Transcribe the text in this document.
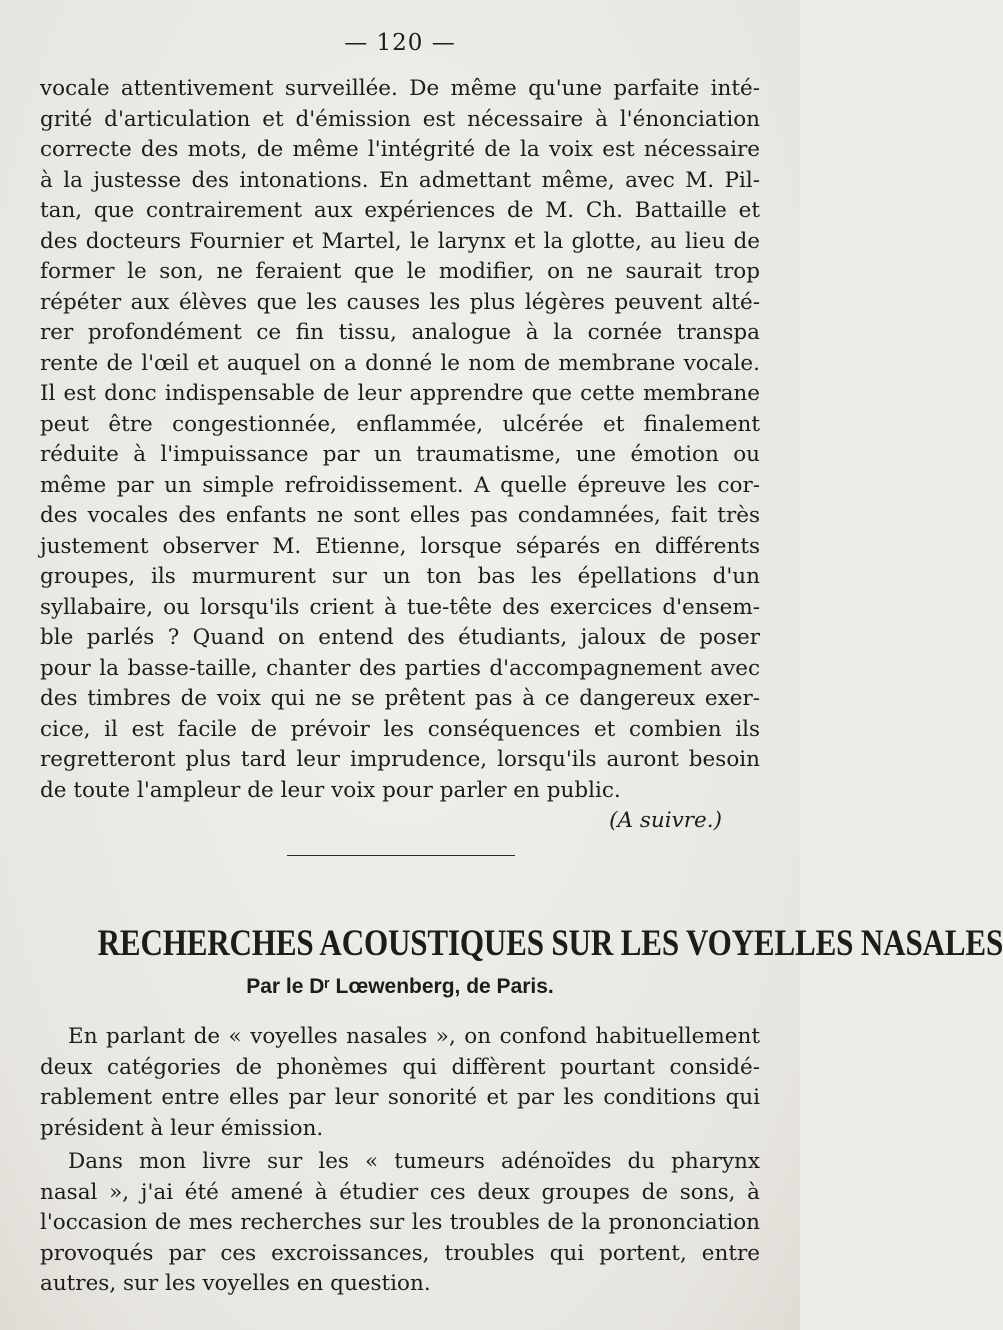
— 120 —
vocale attentivement surveillée. De même qu'une parfaite inté-
grité d'articulation et d'émission est nécessaire à l'énonciation
correcte des mots, de même l'intégrité de la voix est nécessaire
à la justesse des intonations. En admettant même, avec M. Pil-
tan, que contrairement aux expériences de M. Ch. Battaille et
des docteurs Fournier et Martel, le larynx et la glotte, au lieu de
former le son, ne feraient que le modifier, on ne saurait trop
répéter aux élèves que les causes les plus légères peuvent alté-
rer profondément ce fin tissu, analogue à la cornée transpa
rente de l'œil et auquel on a donné le nom de membrane vocale.
Il est donc indispensable de leur apprendre que cette membrane
peut être congestionnée, enflammée, ulcérée et finalement
réduite à l'impuissance par un traumatisme, une émotion ou
même par un simple refroidissement. A quelle épreuve les cor-
des vocales des enfants ne sont elles pas condamnées, fait très
justement observer M. Etienne, lorsque séparés en différents
groupes, ils murmurent sur un ton bas les épellations d'un
syllabaire, ou lorsqu'ils crient à tue-tête des exercices d'ensem-
ble parlés ? Quand on entend des étudiants, jaloux de poser
pour la basse-taille, chanter des parties d'accompagnement avec
des timbres de voix qui ne se prêtent pas à ce dangereux exer-
cice, il est facile de prévoir les conséquences et combien ils
regretteront plus tard leur imprudence, lorsqu'ils auront besoin
de toute l'ampleur de leur voix pour parler en public.
(A suivre.)
RECHERCHES ACOUSTIQUES SUR LES VOYELLES NASALES
Par le Dʳ Lœwenberg, de Paris.
En parlant de « voyelles nasales », on confond habituellement
deux catégories de phonèmes qui diffèrent pourtant considé-
rablement entre elles par leur sonorité et par les conditions qui
président à leur émission.
Dans mon livre sur les « tumeurs adénoïdes du pharynx
nasal », j'ai été amené à étudier ces deux groupes de sons, à
l'occasion de mes recherches sur les troubles de la prononciation
provoqués par ces excroissances, troubles qui portent, entre
autres, sur les voyelles en question.
